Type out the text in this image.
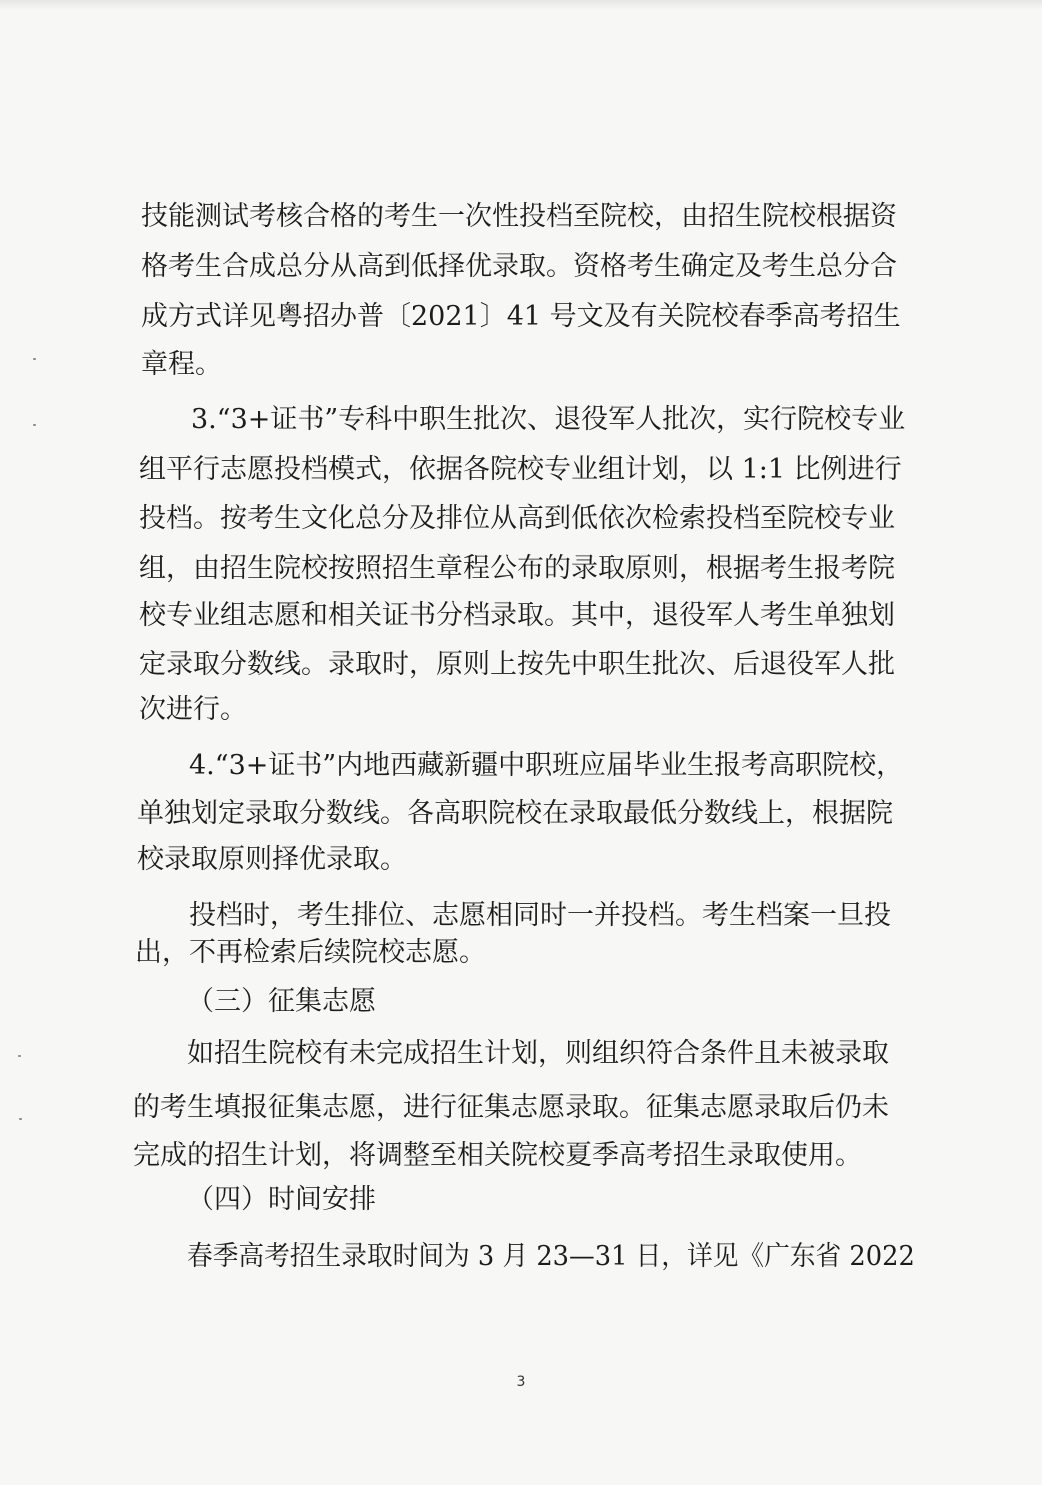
技能测试考核合格的考生一次性投档至院校，由招生院校根据资
格考生合成总分从高到低择优录取。资格考生确定及考生总分合
成方式详见粤招办普〔2021〕41 号文及有关院校春季高考招生
章程。
3.“3+证书”专科中职生批次、退役军人批次，实行院校专业
组平行志愿投档模式，依据各院校专业组计划，以 1:1 比例进行
投档。按考生文化总分及排位从高到低依次检索投档至院校专业
组，由招生院校按照招生章程公布的录取原则，根据考生报考院
校专业组志愿和相关证书分档录取。其中，退役军人考生单独划
定录取分数线。录取时，原则上按先中职生批次、后退役军人批
次进行。
4.“3+证书”内地西藏新疆中职班应届毕业生报考高职院校，
单独划定录取分数线。各高职院校在录取最低分数线上，根据院
校录取原则择优录取。
投档时，考生排位、志愿相同时一并投档。考生档案一旦投
出，不再检索后续院校志愿。
（三）征集志愿
如招生院校有未完成招生计划，则组织符合条件且未被录取
的考生填报征集志愿，进行征集志愿录取。征集志愿录取后仍未
完成的招生计划，将调整至相关院校夏季高考招生录取使用。
（四）时间安排
春季高考招生录取时间为 3 月 23—31 日，详见《广东省 2022
3
